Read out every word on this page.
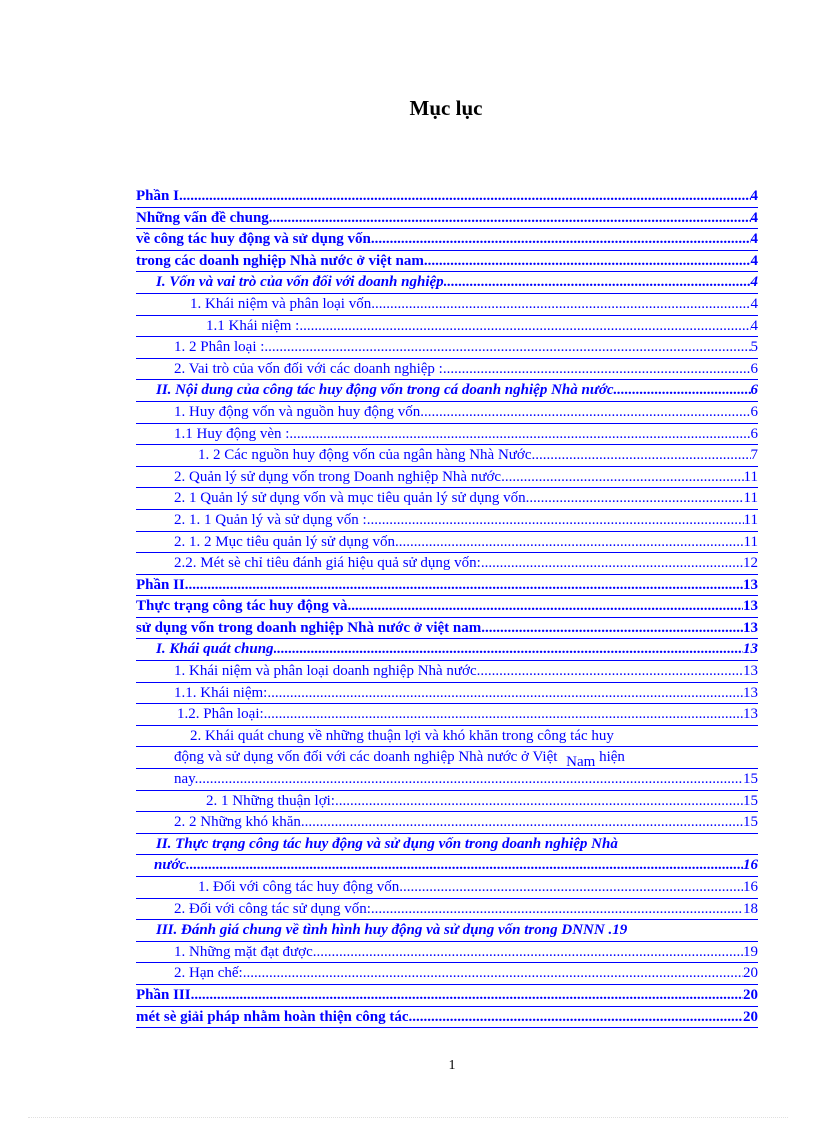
Mục lục
Phần I .....	4
Những vấn đề chung .....	4
về công tác huy động và sử dụng vốn .....	4
trong các doanh nghiệp Nhà nước ở việt nam .....	4
I. Vốn và vai trò của vốn đối với doanh nghiệp .....	4
1. Khái niệm và phân loại vốn. .....	4
1.1 Khái niệm : .....	4
1. 2 Phân loại : .....	5
2. Vai trò của vốn đối với các doanh nghiệp : .....	6
II. Nội dung của công tác huy động vốn trong cá doanh nghiệp Nhà nước. .....	6
1. Huy động vốn và nguồn huy động vốn. .....	6
1.1 Huy động vèn : .....	6
1. 2 Các nguồn huy động vốn của ngân hàng Nhà Nước .....	7
2. Quản lý sử dụng vốn trong Doanh nghiệp Nhà nước. .....	11
2. 1 Quản lý sử dụng vốn và mục tiêu quản lý sử dụng vốn. .....	11
2. 1. 1 Quản lý và sử dụng vốn : .....	11
2. 1. 2 Mục tiêu quản lý sử dụng vốn .....	11
2.2. Mét sè chỉ tiêu đánh giá hiệu quả sử dụng vốn: .....	12
Phần II .....	13
Thực trạng công tác huy động và .....	13
sử dụng vốn trong doanh nghiệp Nhà nước ở việt nam .....	13
I. Khái quát chung .....	13
1. Khái niệm và phân loại doanh nghiệp Nhà nước .....	13
1.1. Khái niệm: .....	13
1.2. Phân loại: .....	13
2. Khái quát chung về những thuận lợi và khó khăn trong công tác huy
động và sử dụng vốn đối với các doanh nghiệp Nhà nước ở Việt Nam hiện
nay. .....	15
2. 1 Những thuận lợi: .....	15
2. 2 Những khó khăn .....	15
II. Thực trạng công tác huy động và sử dụng vốn trong doanh nghiệp Nhà
nước. .....	16
1. Đối với công tác huy động vốn .....	16
2. Đối với công tác sử dụng vốn: .....	18
III. Đánh giá chung về tình hình huy động và sử dụng vốn trong DNNN . 19
1. Những mặt đạt được .....	19
2. Hạn chế: .....	20
Phần III. .....	20
mét sè giải pháp nhằm hoàn thiện công tác .....	20
1
